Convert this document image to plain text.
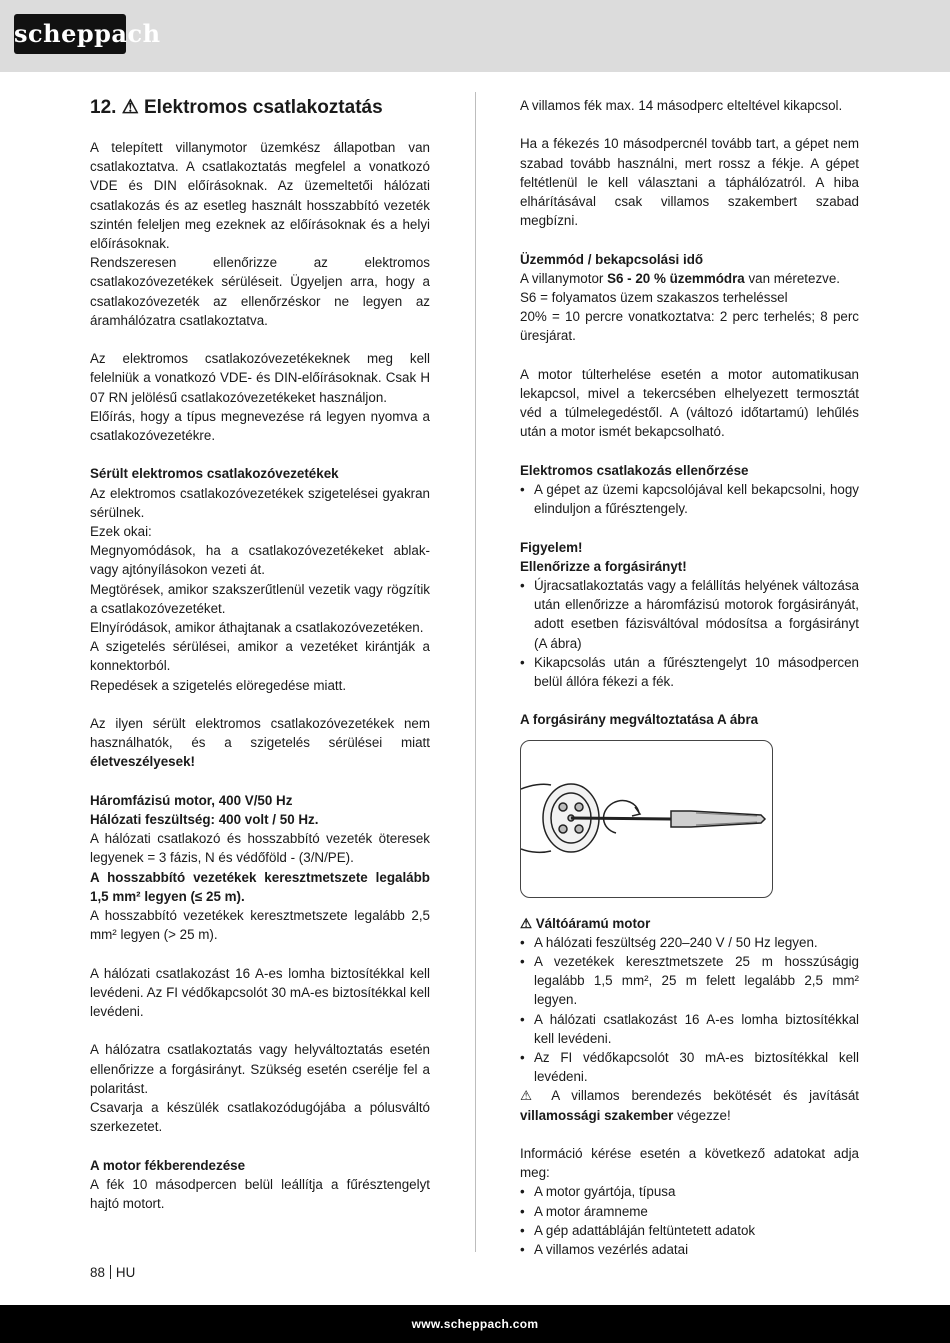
scheppach
12. ⚠ Elektromos csatlakoztatás

A telepített villanymotor üzemkész állapotban van csatlakoztatva. A csatlakoztatás megfelel a vonatkozó VDE és DIN előírásoknak. Az üzemeltetői hálózati csatlakozás és az esetleg használt hosszabbító vezeték szintén feleljen meg ezeknek az előírásoknak és a helyi előírásoknak.

Rendszeresen ellenőrizze az elektromos csatlakozóvezetékek sérüléseit. Ügyeljen arra, hogy a csatlakozóvezeték az ellenőrzéskor ne legyen az áramhálózatra csatlakoztatva.

Az elektromos csatlakozóvezetékeknek meg kell felelniük a vonatkozó VDE- és DIN-előírásoknak. Csak H 07 RN jelölésű csatlakozóvezetékeket használjon.

Előírás, hogy a típus megnevezése rá legyen nyomva a csatlakozóvezetékre.

Sérült elektromos csatlakozóvezetékek

Az elektromos csatlakozóvezetékek szigetelései gyakran sérülnek.

Ezek okai:

Megnyomódások, ha a csatlakozóvezetékeket ablak- vagy ajtónyílásokon vezeti át.

Megtörések, amikor szakszerűtlenül vezetik vagy rögzítik a csatlakozóvezetéket.

Elnyíródások, amikor áthajtanak a csatlakozóvezetéken.

A szigetelés sérülései, amikor a vezetéket kirántják a konnektorból.

Repedések a szigetelés elöregedése miatt.

Az ilyen sérült elektromos csatlakozóvezetékek nem használhatók, és a szigetelés sérülései miatt életveszélyesek!

Háromfázisú motor, 400 V/50 Hz

Hálózati feszültség: 400 volt / 50 Hz.

A hálózati csatlakozó és hosszabbító vezeték öteresek legyenek = 3 fázis, N és védőföld - (3/N/PE).

A hosszabbító vezetékek keresztmetszete legalább 1,5 mm² legyen (≤ 25 m).

A hosszabbító vezetékek keresztmetszete legalább 2,5 mm² legyen (> 25 m).

A hálózati csatlakozást 16 A-es lomha biztosítékkal kell levédeni. Az FI védőkapcsolót 30 mA-es biztosítékkal kell levédeni.

A hálózatra csatlakoztatás vagy helyváltoztatás esetén ellenőrizze a forgásirányt. Szükség esetén cserélje fel a polaritást.

Csavarja a készülék csatlakozódugójába a pólusváltó szerkezetet.

A motor fékberendezése

A fék 10 másodpercen belül leállítja a fűrésztengelyt hajtó motort.

A villamos fék max. 14 másodperc elteltével kikapcsol.

Ha a fékezés 10 másodpercnél tovább tart, a gépet nem szabad tovább használni, mert rossz a fékje. A gépet feltétlenül le kell választani a táphálózatról. A hiba elhárításával csak villamos szakembert szabad megbízni.

Üzemmód / bekapcsolási idő

A villanymotor S6 - 20 % üzemmódra van méretezve.

S6 = folyamatos üzem szakaszos terheléssel

20% = 10 percre vonatkoztatva: 2 perc terhelés; 8 perc üresjárat.

A motor túlterhelése esetén a motor automatikusan lekapcsol, mivel a tekercsében elhelyezett termosztát véd a túlmelegedéstől. A (változó időtartamú) lehűlés után a motor ismét bekapcsolható.

Elektromos csatlakozás ellenőrzése

• A gépet az üzemi kapcsolójával kell bekapcsolni, hogy elinduljon a fűrésztengely.

Figyelem!

Ellenőrizze a forgásirányt!

• Újracsatlakoztatás vagy a felállítás helyének változása után ellenőrizze a háromfázisú motorok forgásirányát, adott esetben fázisváltóval módosítsa a forgásirányt (A ábra)
• Kikapcsolás után a fűrésztengelyt 10 másodpercen belül állóra fékezi a fék.

A forgásirány megváltoztatása A ábra

⚠ Váltóáramú motor

• A hálózati feszültség 220–240 V / 50 Hz legyen.
• A vezetékek keresztmetszete 25 m hosszúságig legalább 1,5 mm², 25 m felett legalább 2,5 mm² legyen.
• A hálózati csatlakozást 16 A-es lomha biztosítékkal kell levédeni.
• Az FI védőkapcsolót 30 mA-es biztosítékkal kell levédeni.

⚠ A villamos berendezés bekötését és javítását villamossági szakember végezze!

Információ kérése esetén a következő adatokat adja meg:

• A motor gyártója, típusa
• A motor áramneme
• A gép adattábláján feltüntetett adatok
• A villamos vezérlés adatai
88 HU
www.scheppach.com
